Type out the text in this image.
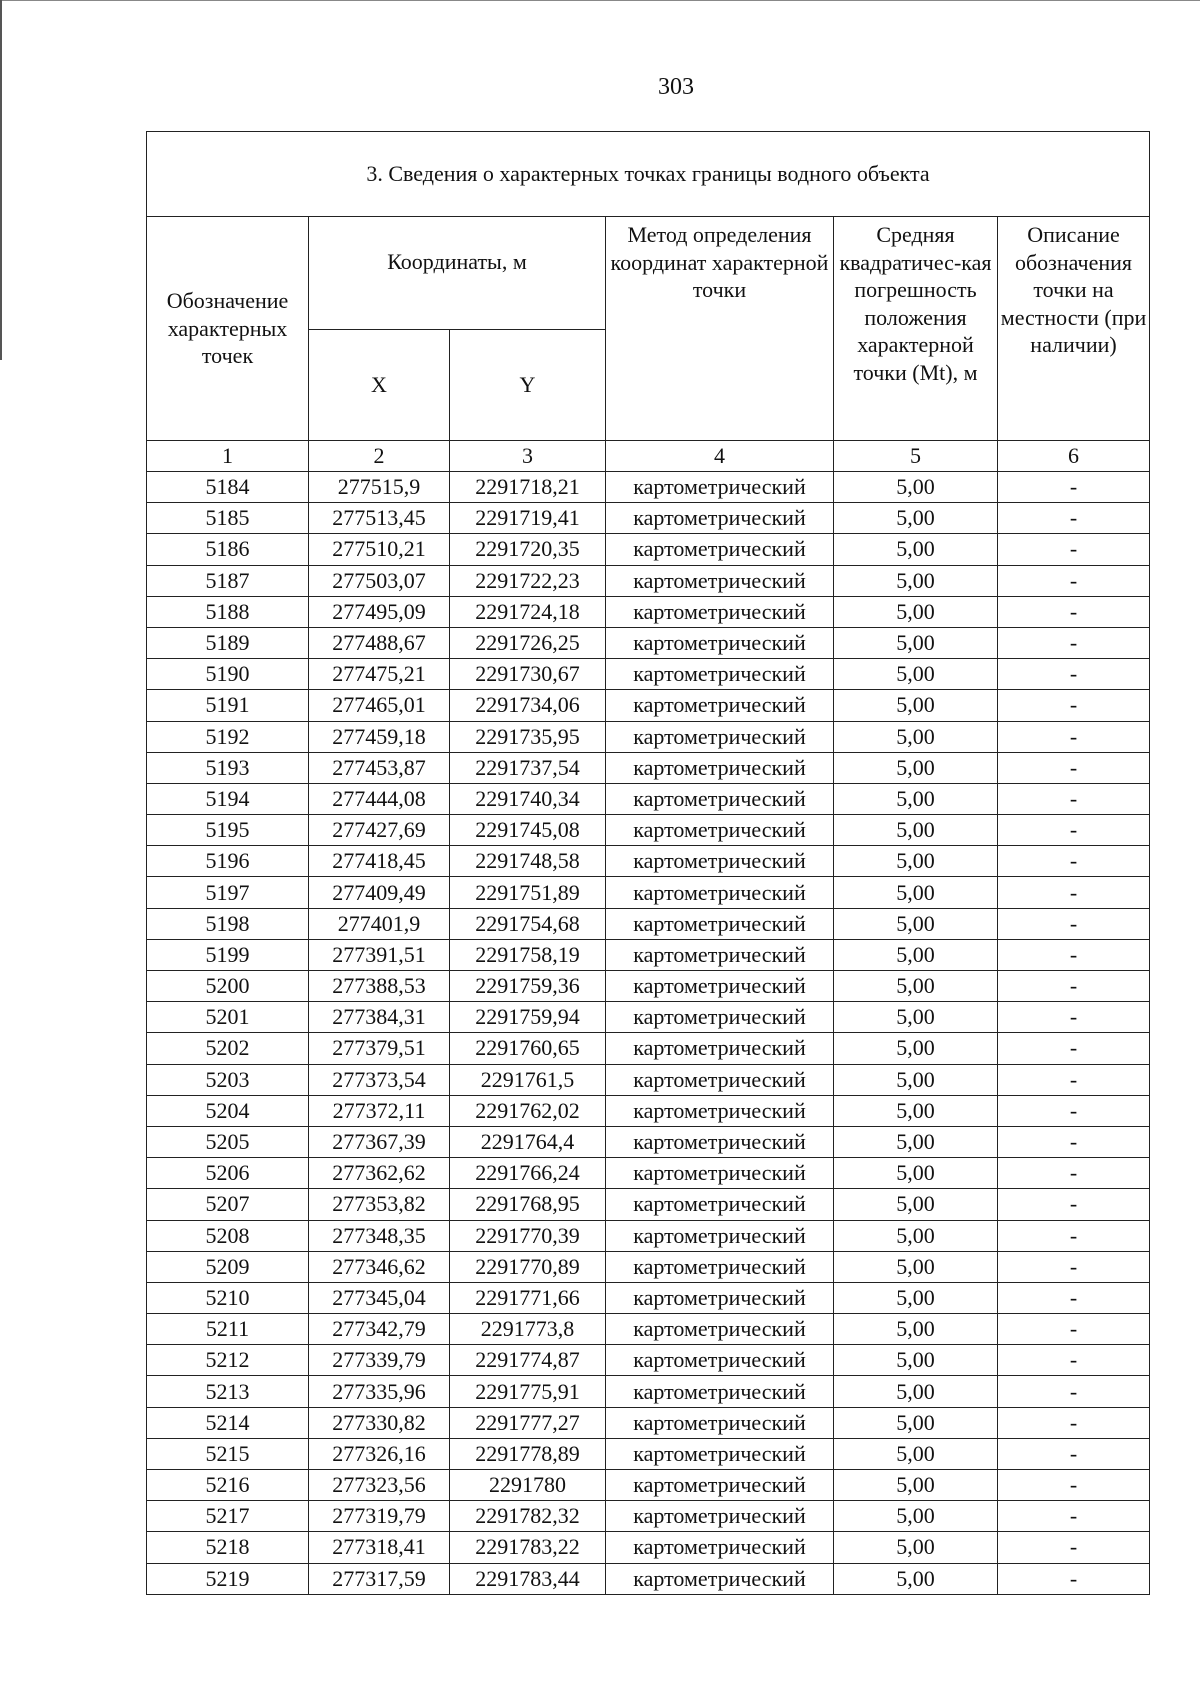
303
3. Сведения о характерных точках границы водного объекта					
Обозначение характерных точек	Координаты, м		Метод определения координат характерной точки	Средняя квадратичес-кая погрешность положения характерной точки (Mt), м	Описание обозначения точки на местности (при наличии)
	X	Y			
1	2	3	4	5	6
5184	277515,9	2291718,21	картометрический	5,00	-
5185	277513,45	2291719,41	картометрический	5,00	-
5186	277510,21	2291720,35	картометрический	5,00	-
5187	277503,07	2291722,23	картометрический	5,00	-
5188	277495,09	2291724,18	картометрический	5,00	-
5189	277488,67	2291726,25	картометрический	5,00	-
5190	277475,21	2291730,67	картометрический	5,00	-
5191	277465,01	2291734,06	картометрический	5,00	-
5192	277459,18	2291735,95	картометрический	5,00	-
5193	277453,87	2291737,54	картометрический	5,00	-
5194	277444,08	2291740,34	картометрический	5,00	-
5195	277427,69	2291745,08	картометрический	5,00	-
5196	277418,45	2291748,58	картометрический	5,00	-
5197	277409,49	2291751,89	картометрический	5,00	-
5198	277401,9	2291754,68	картометрический	5,00	-
5199	277391,51	2291758,19	картометрический	5,00	-
5200	277388,53	2291759,36	картометрический	5,00	-
5201	277384,31	2291759,94	картометрический	5,00	-
5202	277379,51	2291760,65	картометрический	5,00	-
5203	277373,54	2291761,5	картометрический	5,00	-
5204	277372,11	2291762,02	картометрический	5,00	-
5205	277367,39	2291764,4	картометрический	5,00	-
5206	277362,62	2291766,24	картометрический	5,00	-
5207	277353,82	2291768,95	картометрический	5,00	-
5208	277348,35	2291770,39	картометрический	5,00	-
5209	277346,62	2291770,89	картометрический	5,00	-
5210	277345,04	2291771,66	картометрический	5,00	-
5211	277342,79	2291773,8	картометрический	5,00	-
5212	277339,79	2291774,87	картометрический	5,00	-
5213	277335,96	2291775,91	картометрический	5,00	-
5214	277330,82	2291777,27	картометрический	5,00	-
5215	277326,16	2291778,89	картометрический	5,00	-
5216	277323,56	2291780	картометрический	5,00	-
5217	277319,79	2291782,32	картометрический	5,00	-
5218	277318,41	2291783,22	картометрический	5,00	-
5219	277317,59	2291783,44	картометрический	5,00	-
